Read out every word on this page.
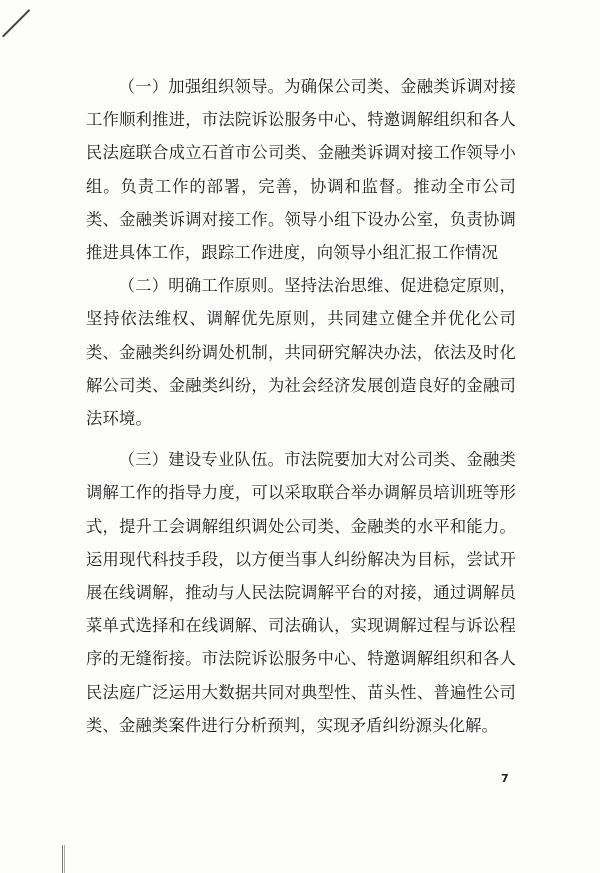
（一）加强组织领导。为确保公司类、金融类诉调对接工作顺利推进，市法院诉讼服务中心、特邀调解组织和各人民法庭联合成立石首市公司类、金融类诉调对接工作领导小组。负责工作的部署，完善，协调和监督。推动全市公司类、金融类诉调对接工作。领导小组下设办公室，负责协调推进具体工作，跟踪工作进度，向领导小组汇报工作情况

（二）明确工作原则。坚持法治思维、促进稳定原则，坚持依法维权、调解优先原则，共同建立健全并优化公司类、金融类纠纷调处机制，共同研究解决办法，依法及时化解公司类、金融类纠纷，为社会经济发展创造良好的金融司法环境。

（三）建设专业队伍。市法院要加大对公司类、金融类调解工作的指导力度，可以采取联合举办调解员培训班等形式，提升工会调解组织调处公司类、金融类的水平和能力。运用现代科技手段，以方便当事人纠纷解决为目标，尝试开展在线调解，推动与人民法院调解平台的对接，通过调解员菜单式选择和在线调解、司法确认，实现调解过程与诉讼程序的无缝衔接。市法院诉讼服务中心、特邀调解组织和各人民法庭广泛运用大数据共同对典型性、苗头性、普遍性公司类、金融类案件进行分析预判，实现矛盾纠纷源头化解。

7
